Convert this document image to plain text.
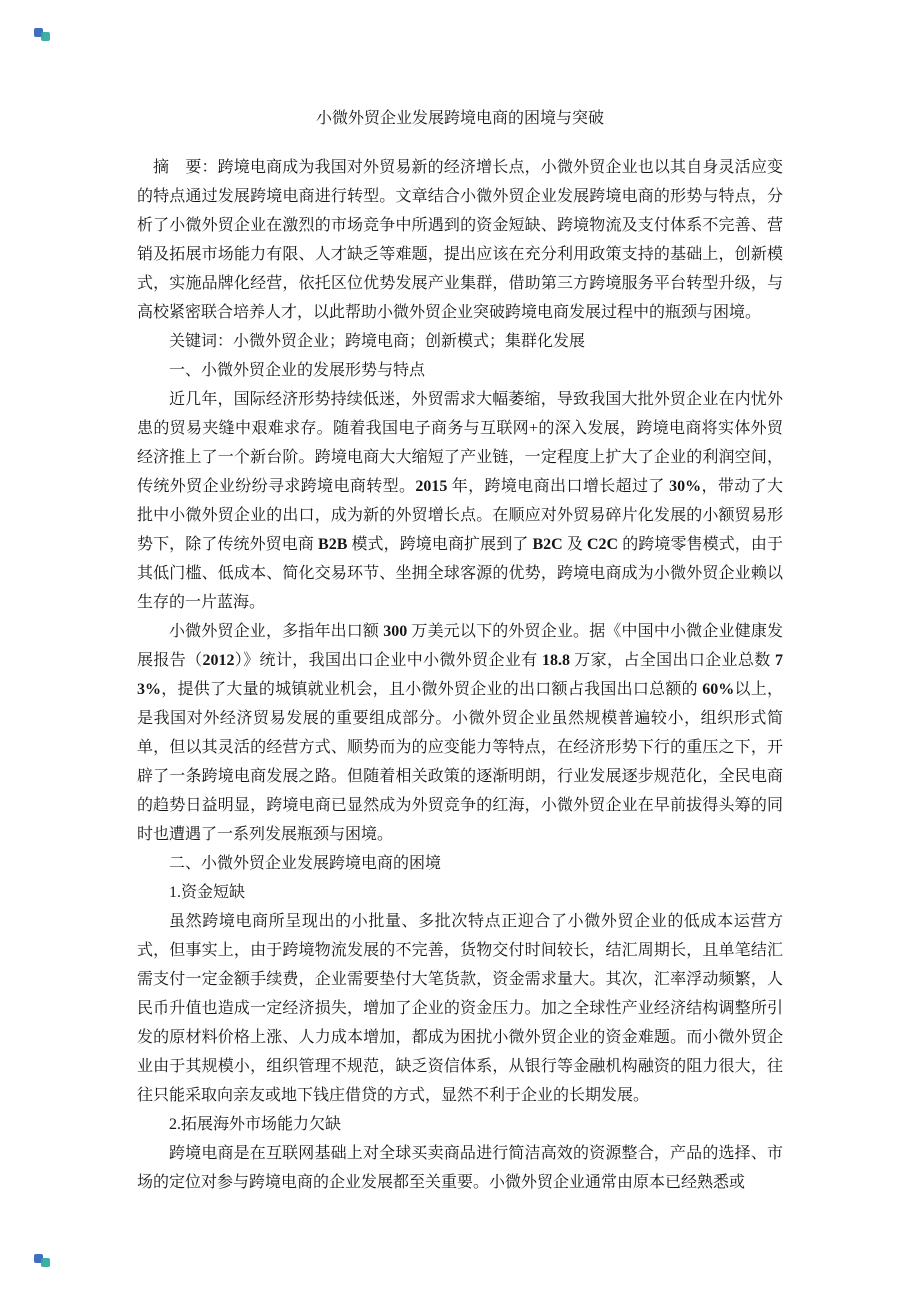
小微外贸企业发展跨境电商的困境与突破

摘　要：跨境电商成为我国对外贸易新的经济增长点，小微外贸企业也以其自身灵活应变的特点通过发展跨境电商进行转型。文章结合小微外贸企业发展跨境电商的形势与特点，分析了小微外贸企业在激烈的市场竞争中所遇到的资金短缺、跨境物流及支付体系不完善、营销及拓展市场能力有限、人才缺乏等难题，提出应该在充分利用政策支持的基础上，创新模式，实施品牌化经营，依托区位优势发展产业集群，借助第三方跨境服务平台转型升级，与高校紧密联合培养人才，以此帮助小微外贸企业突破跨境电商发展过程中的瓶颈与困境。

关键词：小微外贸企业；跨境电商；创新模式；集群化发展

一、小微外贸企业的发展形势与特点

近几年，国际经济形势持续低迷，外贸需求大幅萎缩，导致我国大批外贸企业在内忧外患的贸易夹缝中艰难求存。随着我国电子商务与互联网+的深入发展，跨境电商将实体外贸经济推上了一个新台阶。跨境电商大大缩短了产业链，一定程度上扩大了企业的利润空间，传统外贸企业纷纷寻求跨境电商转型。2015 年，跨境电商出口增长超过了 30%，带动了大批中小微外贸企业的出口，成为新的外贸增长点。在顺应对外贸易碎片化发展的小额贸易形势下，除了传统外贸电商 B2B 模式，跨境电商扩展到了 B2C 及 C2C 的跨境零售模式，由于其低门槛、低成本、简化交易环节、坐拥全球客源的优势，跨境电商成为小微外贸企业赖以生存的一片蓝海。

小微外贸企业，多指年出口额 300 万美元以下的外贸企业。据《中国中小微企业健康发展报告（2012）》统计，我国出口企业中小微外贸企业有 18.8 万家，占全国出口企业总数 73%，提供了大量的城镇就业机会，且小微外贸企业的出口额占我国出口总额的 60%以上，是我国对外经济贸易发展的重要组成部分。小微外贸企业虽然规模普遍较小，组织形式简单，但以其灵活的经营方式、顺势而为的应变能力等特点，在经济形势下行的重压之下，开辟了一条跨境电商发展之路。但随着相关政策的逐渐明朗，行业发展逐步规范化，全民电商的趋势日益明显，跨境电商已显然成为外贸竞争的红海，小微外贸企业在早前拔得头筹的同时也遭遇了一系列发展瓶颈与困境。

二、小微外贸企业发展跨境电商的困境

1.资金短缺

虽然跨境电商所呈现出的小批量、多批次特点正迎合了小微外贸企业的低成本运营方式，但事实上，由于跨境物流发展的不完善，货物交付时间较长，结汇周期长，且单笔结汇需支付一定金额手续费，企业需要垫付大笔货款，资金需求量大。其次，汇率浮动频繁，人民币升值也造成一定经济损失，增加了企业的资金压力。加之全球性产业经济结构调整所引发的原材料价格上涨、人力成本增加，都成为困扰小微外贸企业的资金难题。而小微外贸企业由于其规模小，组织管理不规范，缺乏资信体系，从银行等金融机构融资的阻力很大，往往只能采取向亲友或地下钱庄借贷的方式，显然不利于企业的长期发展。

2.拓展海外市场能力欠缺

跨境电商是在互联网基础上对全球买卖商品进行简洁高效的资源整合，产品的选择、市场的定位对参与跨境电商的企业发展都至关重要。小微外贸企业通常由原本已经熟悉或
